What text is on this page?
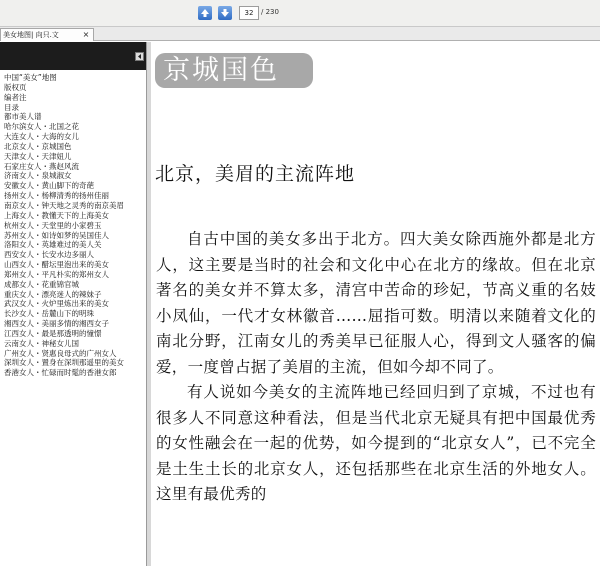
32
/ 230
美女地图| 向只.文	×
中国“美女”地图
版权页
编者注
目录
都市美人谱
哈尔滨女人・北国之花
大连女人・大海的女儿
北京女人・京城国色
天津女人・天津妞儿
石家庄女人・燕赵风流
济南女人・泉城淑女
安徽女人・黄山脚下的奇葩
扬州女人・杨柳清秀的扬州佳丽
南京女人・钟天地之灵秀的南京美眉
上海女人・教懂天下的上海美女
杭州女人・天堂里的小家碧玉
苏州女人・如诗如梦的吴国佳人
洛阳女人・英雄难过的美人关
西安女人・长安水边多丽人
山西女人・醋坛里泡出来的美女
郑州女人・平凡朴实的郑州女人
成都女人・花重锦官城
重庆女人・漂亮迷人的辣妹子
武汉女人・火炉里炼出来的美女
长沙女人・岳麓山下的明珠
湘西女人・美丽多情的湘西女子
江西女人・最是那透明的憧憬
云南女人・神秘女儿国
广州女人・贤惠良母式的广州女人
深圳女人・置身在深圳那遥里的美女
香港女人・忙碌而时髦的香港女郎
京城国色
北京，美眉的主流阵地

自古中国的美女多出于北方。四大美女除西施外都是北方人，这主要是当时的社会和文化中心在北方的缘故。但在北京著名的美女并不算太多，清宫中苦命的珍妃，节高义重的名妓小凤仙，一代才女林徽音……屈指可数。明清以来随着文化的南北分野，江南女儿的秀美早已征服人心，得到文人骚客的偏爱，一度曾占据了美眉的主流，但如今却不同了。

有人说如今美女的主流阵地已经回归到了京城，不过也有很多人不同意这种看法，但是当代北京无疑具有把中国最优秀的女性融会在一起的优势，如今提到的“北京女人”，已不完全是土生土长的北京女人，还包括那些在北京生活的外地女人。这里有最优秀的
